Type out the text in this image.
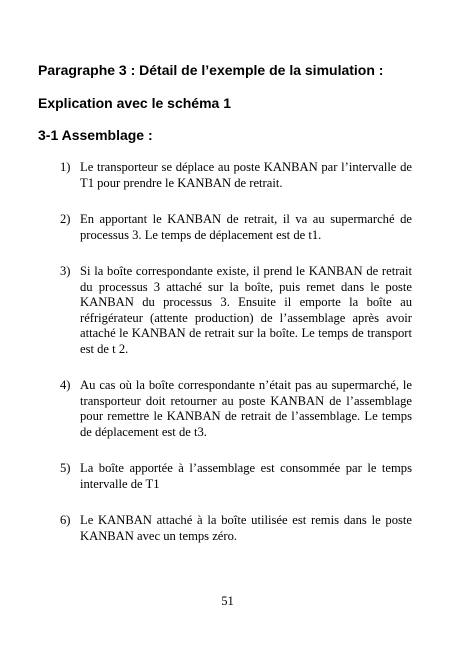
Paragraphe 3 : Détail de l’exemple de la simulation :

Explication avec le schéma 1

3-1 Assemblage :

1) Le transporteur se déplace au poste KANBAN par l’intervalle de T1 pour prendre le KANBAN de retrait.
2) En apportant le KANBAN de retrait, il va au supermarché de processus 3. Le temps de déplacement est de t1.
3) Si la boîte correspondante existe, il prend le KANBAN de retrait du processus 3 attaché sur la boîte, puis remet dans le poste KANBAN du processus 3. Ensuite il emporte la boîte au réfrigérateur (attente production) de l’assemblage après avoir attaché le KANBAN de retrait sur la boîte. Le temps de transport est de t 2.
4) Au cas où la boîte correspondante n’était pas au supermarché, le transporteur doit retourner au poste KANBAN de l’assemblage pour remettre le KANBAN de retrait de l’assemblage. Le temps de déplacement est de t3.
5) La boîte apportée à l’assemblage est consommée par le temps intervalle de T1
6) Le KANBAN attaché à la boîte utilisée est remis dans le poste KANBAN avec un temps zéro.
51
